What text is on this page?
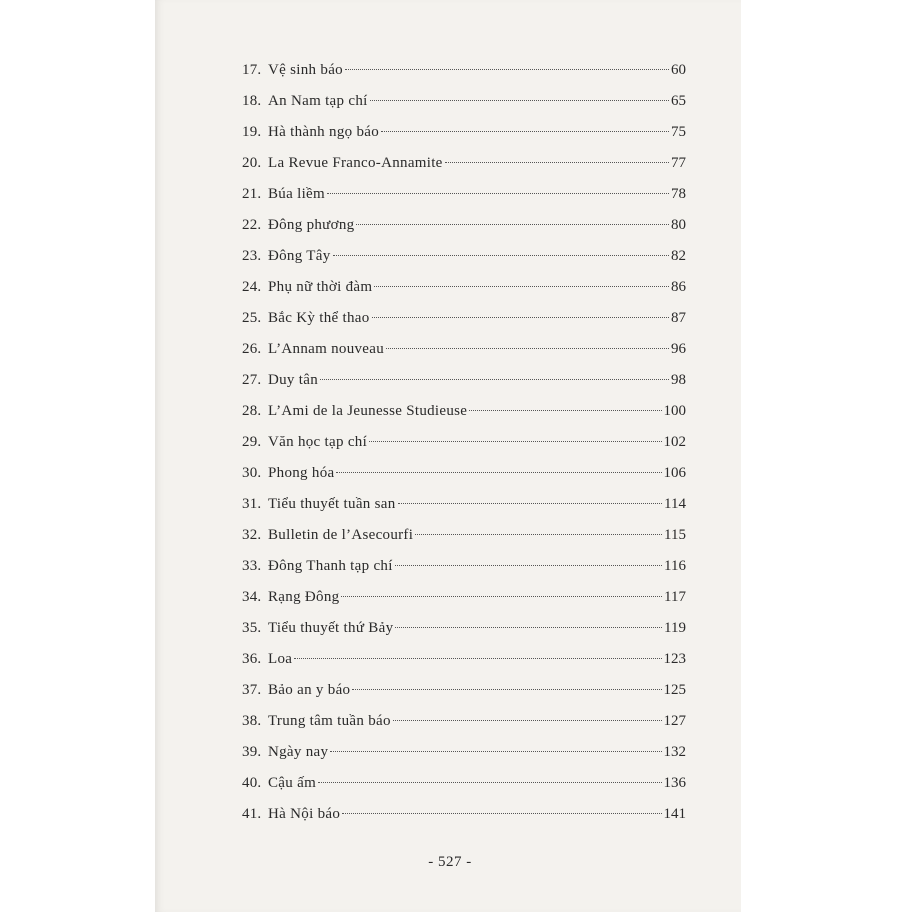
17. Vệ sinh báo	60
18. An Nam tạp chí	65
19. Hà thành ngọ báo	75
20. La Revue Franco-Annamite	77
21. Búa liềm	78
22. Đông phương	80
23. Đông Tây	82
24. Phụ nữ thời đàm	86
25. Bắc Kỳ thể thao	87
26. L’Annam nouveau	96
27. Duy tân	98
28. L’Ami de la Jeunesse Studieuse	100
29. Văn học tạp chí	102
30. Phong hóa	106
31. Tiểu thuyết tuần san	114
32. Bulletin de l’Asecourfi	115
33. Đông Thanh tạp chí	116
34. Rạng Đông	117
35. Tiểu thuyết thứ Bảy	119
36. Loa	123
37. Bảo an y báo	125
38. Trung tâm tuần báo	127
39. Ngày nay	132
40. Cậu ấm	136
41. Hà Nội báo	141
- 527 -
